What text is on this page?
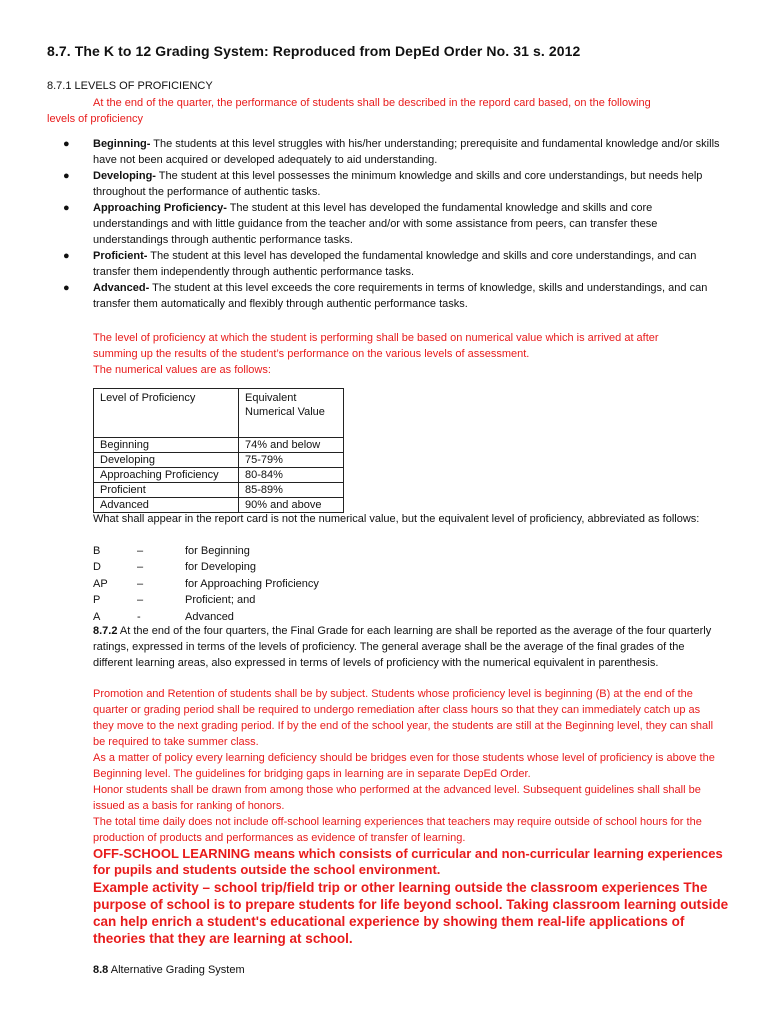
8.7. The K to 12 Grading System: Reproduced from DepEd Order No. 31 s. 2012
8.7.1 LEVELS OF PROFICIENCY
At the end of the quarter, the performance of students shall be described in the repord card based, on the following
levels of proficiency
● Beginning- The students at this level struggles with his/her understanding; prerequisite and fundamental knowledge and/or skills have not been acquired or developed adequately to aid understanding.
● Developing- The student at this level possesses the minimum knowledge and skills and core understandings, but needs help throughout the performance of authentic tasks.
● Approaching Proficiency- The student at this level has developed the fundamental knowledge and skills and core understandings and with little guidance from the teacher and/or with some assistance from peers, can transfer these understandings through authentic performance tasks.
● Proficient- The student at this level has developed the fundamental knowledge and skills and core understandings, and can transfer them independently through authentic performance tasks.
● Advanced- The student at this level exceeds the core requirements in terms of knowledge, skills and understandings, and can transfer them automatically and flexibly through authentic performance tasks.
The level of proficiency at which the student is performing shall be based on numerical value which is arrived at after
summing up the results of the student’s performance on the various levels of assessment.
The numerical values are as follows:
Level of Proficiency	Equivalent Numerical Value
Beginning	74% and below
Developing	75-79%
Approaching Proficiency	80-84%
Proficient	85-89%
Advanced	90% and above
What shall appear in the report card is not the numerical value, but the equivalent level of proficiency, abbreviated as follows:
B	–	for Beginning
D	–	for Developing
AP	–	for Approaching Proficiency
P	–	Proficient; and
A	-	Advanced
8.7.2 At the end of the four quarters, the Final Grade for each learning are shall be reported as the average of the four quarterly ratings, expressed in terms of the levels of proficiency. The general average shall be the average of the final grades of the different learning areas, also expressed in terms of levels of proficiency with the numerical equivalent in parenthesis.
Promotion and Retention of students shall be by subject. Students whose proficiency level is beginning (B) at the end of the quarter or grading period shall be required to undergo remediation after class hours so that they can immediately catch up as they move to the next grading period. If by the end of the school year, the students are still at the Beginning level, they can shall be required to take summer class.
As a matter of policy every learning deficiency should be bridges even for those students whose level of proficiency is above the Beginning level. The guidelines for bridging gaps in learning are in separate DepEd Order.
Honor students shall be drawn from among those who performed at the advanced level. Subsequent guidelines shall shall be issued as a basis for ranking of honors.
The total time daily does not include off-school learning experiences that teachers may require outside of school hours for the production of products and performances as evidence of transfer of learning.
OFF-SCHOOL LEARNING means which consists of curricular and non-curricular learning experiences for pupils and students outside the school environment.
Example activity – school trip/field trip or other learning outside the classroom experiences The purpose of school is to prepare students for life beyond school. Taking classroom learning outside can help enrich a student's educational experience by showing them real-life applications of theories that they are learning at school.
8.8 Alternative Grading System
